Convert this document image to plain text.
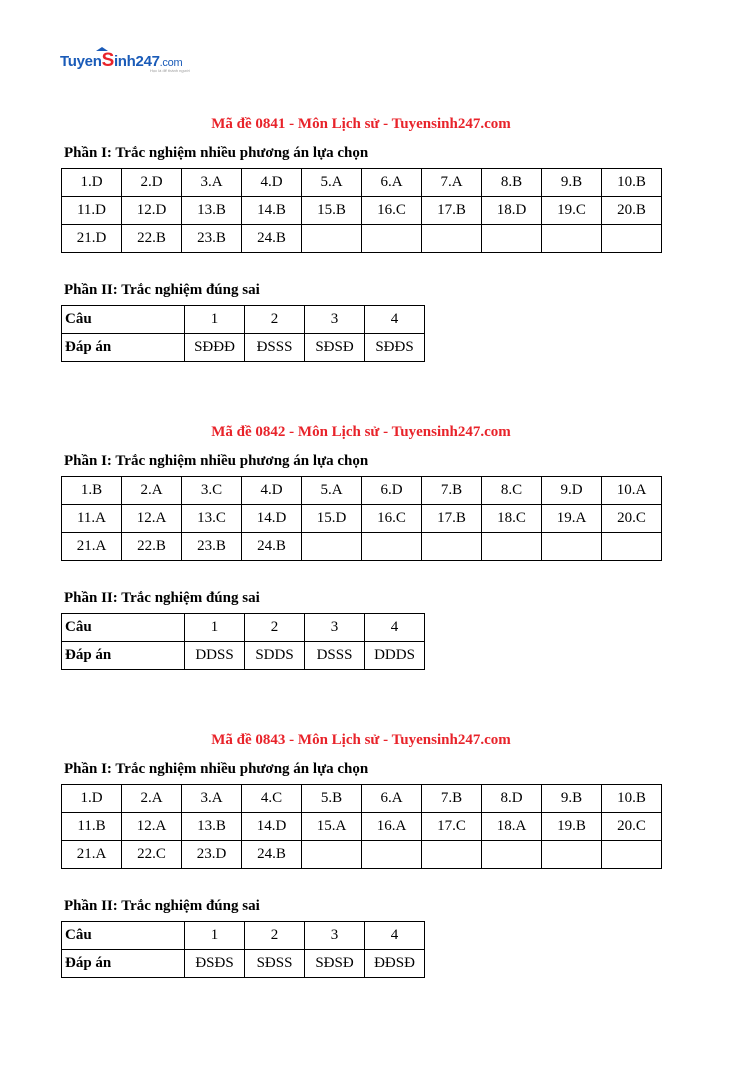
TuyenSinh247.com
Học là để thành người
Mã đề 0841 - Môn Lịch sử - Tuyensinh247.com
Phần I: Trắc nghiệm nhiều phương án lựa chọn
1.D	2.D	3.A	4.D	5.A	6.A	7.A	8.B	9.B	10.B
11.D	12.D	13.B	14.B	15.B	16.C	17.B	18.D	19.C	20.B
21.D	22.B	23.B	24.B						
Phần II: Trắc nghiệm đúng sai
Câu	1	2	3	4
Đáp án	SĐĐĐ	ĐSSS	SĐSĐ	SĐĐS
Mã đề 0842 - Môn Lịch sử - Tuyensinh247.com
Phần I: Trắc nghiệm nhiều phương án lựa chọn
1.B	2.A	3.C	4.D	5.A	6.D	7.B	8.C	9.D	10.A
11.A	12.A	13.C	14.D	15.D	16.C	17.B	18.C	19.A	20.C
21.A	22.B	23.B	24.B						
Phần II: Trắc nghiệm đúng sai
Câu	1	2	3	4
Đáp án	DDSS	SDDS	DSSS	DDDS
Mã đề 0843 - Môn Lịch sử - Tuyensinh247.com
Phần I: Trắc nghiệm nhiều phương án lựa chọn
1.D	2.A	3.A	4.C	5.B	6.A	7.B	8.D	9.B	10.B
11.B	12.A	13.B	14.D	15.A	16.A	17.C	18.A	19.B	20.C
21.A	22.C	23.D	24.B						
Phần II: Trắc nghiệm đúng sai
Câu	1	2	3	4
Đáp án	ĐSĐS	SĐSS	SĐSĐ	ĐĐSĐ
